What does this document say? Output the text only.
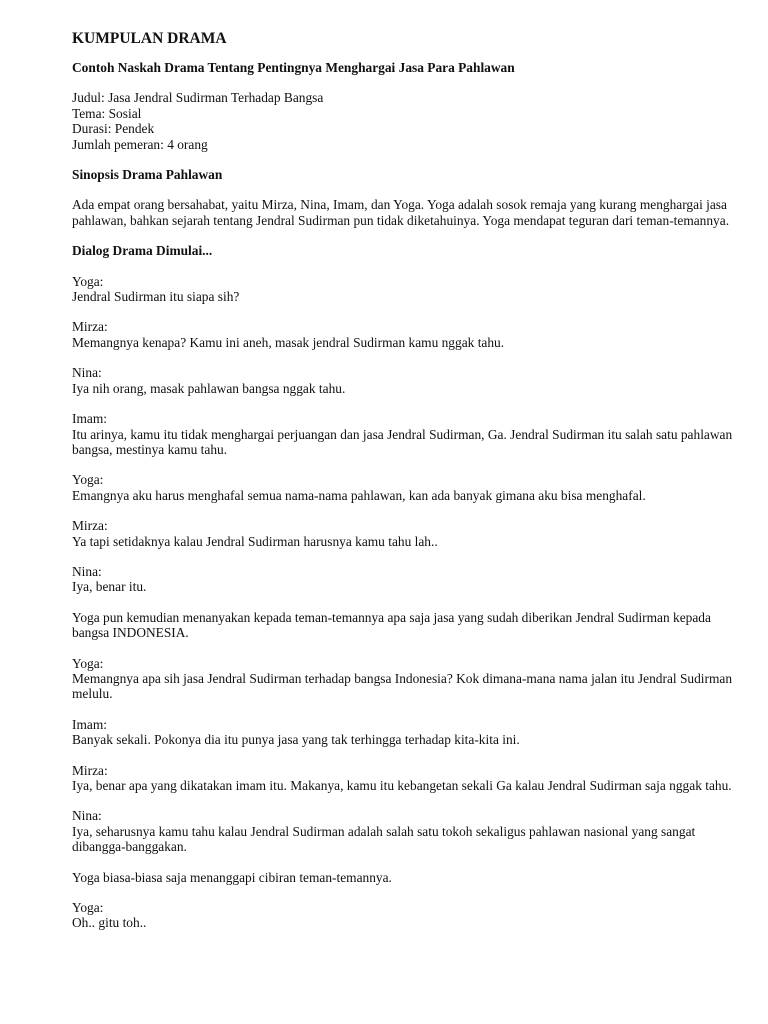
KUMPULAN DRAMA
Contoh Naskah Drama Tentang Pentingnya Menghargai Jasa Para Pahlawan
Judul: Jasa Jendral Sudirman Terhadap Bangsa
Tema: Sosial
Durasi: Pendek
Jumlah pemeran: 4 orang
Sinopsis Drama Pahlawan
Ada empat orang bersahabat, yaitu Mirza, Nina, Imam, dan Yoga. Yoga adalah sosok remaja yang kurang menghargai jasa pahlawan, bahkan sejarah tentang Jendral Sudirman pun tidak diketahuinya. Yoga mendapat teguran dari teman-temannya.
Dialog Drama Dimulai...
Yoga:
Jendral Sudirman itu siapa sih?
Mirza:
Memangnya kenapa? Kamu ini aneh, masak jendral Sudirman kamu nggak tahu.
Nina:
Iya nih orang, masak pahlawan bangsa nggak tahu.
Imam:
Itu arinya, kamu itu tidak menghargai perjuangan dan jasa Jendral Sudirman, Ga. Jendral Sudirman itu salah satu pahlawan bangsa, mestinya kamu tahu.
Yoga:
Emangnya aku harus menghafal semua nama-nama pahlawan, kan ada banyak gimana aku bisa menghafal.
Mirza:
Ya tapi setidaknya kalau Jendral Sudirman harusnya kamu tahu lah..
Nina:
Iya, benar itu.
Yoga pun kemudian menanyakan kepada teman-temannya apa saja jasa yang sudah diberikan Jendral Sudirman kepada bangsa INDONESIA.
Yoga:
Memangnya apa sih jasa Jendral Sudirman terhadap bangsa Indonesia? Kok dimana-mana nama jalan itu Jendral Sudirman melulu.
Imam:
Banyak sekali. Pokonya dia itu punya jasa yang tak terhingga terhadap kita-kita ini.
Mirza:
Iya, benar apa yang dikatakan imam itu. Makanya, kamu itu kebangetan sekali Ga kalau Jendral Sudirman saja nggak tahu.
Nina:
Iya, seharusnya kamu tahu kalau Jendral Sudirman adalah salah satu tokoh sekaligus pahlawan nasional yang sangat dibangga-banggakan.
Yoga biasa-biasa saja menanggapi cibiran teman-temannya.
Yoga:
Oh.. gitu toh..
